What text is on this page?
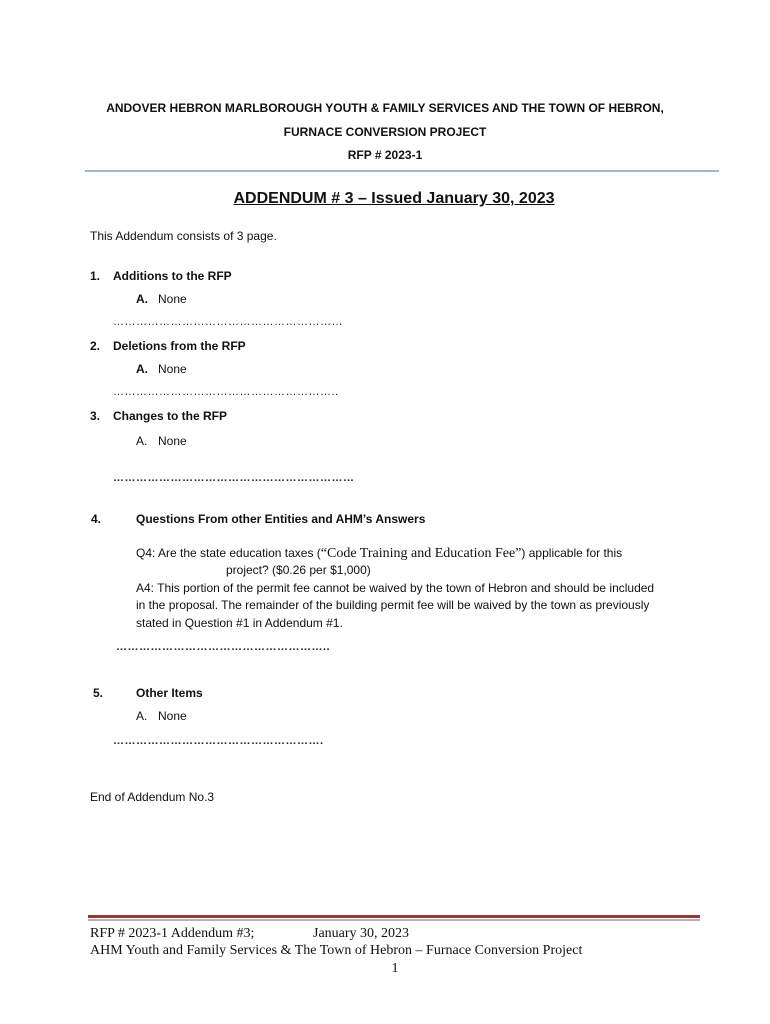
ANDOVER HEBRON MARLBOROUGH YOUTH & FAMILY SERVICES AND THE TOWN OF HEBRON,
FURNACE CONVERSION PROJECT
RFP # 2023-1
ADDENDUM # 3 – Issued January 30, 2023
This Addendum consists of 3 page.
1. Additions to the RFP
A. None
……………………………………………………
2. Deletions from the RFP
A. None
…………………………………………………..
3. Changes to the RFP
A. None
………………………………………………………
4.	Questions From other Entities and AHM’s Answers
Q4: Are the state education taxes (“Code Training and Education Fee”) applicable for this
project? ($0.26 per $1,000)
A4: This portion of the permit fee cannot be waived by the town of Hebron and should be included
in the proposal. The remainder of the building permit fee will be waived by the town as previously
stated in Question #1 in Addendum #1.
………………………………………………..
5.	Other Items
A. None
……………………………………………….
End of Addendum No.3
RFP # 2023-1 Addendum #3;	January 30, 2023
AHM Youth and Family Services & The Town of Hebron – Furnace Conversion Project
1
